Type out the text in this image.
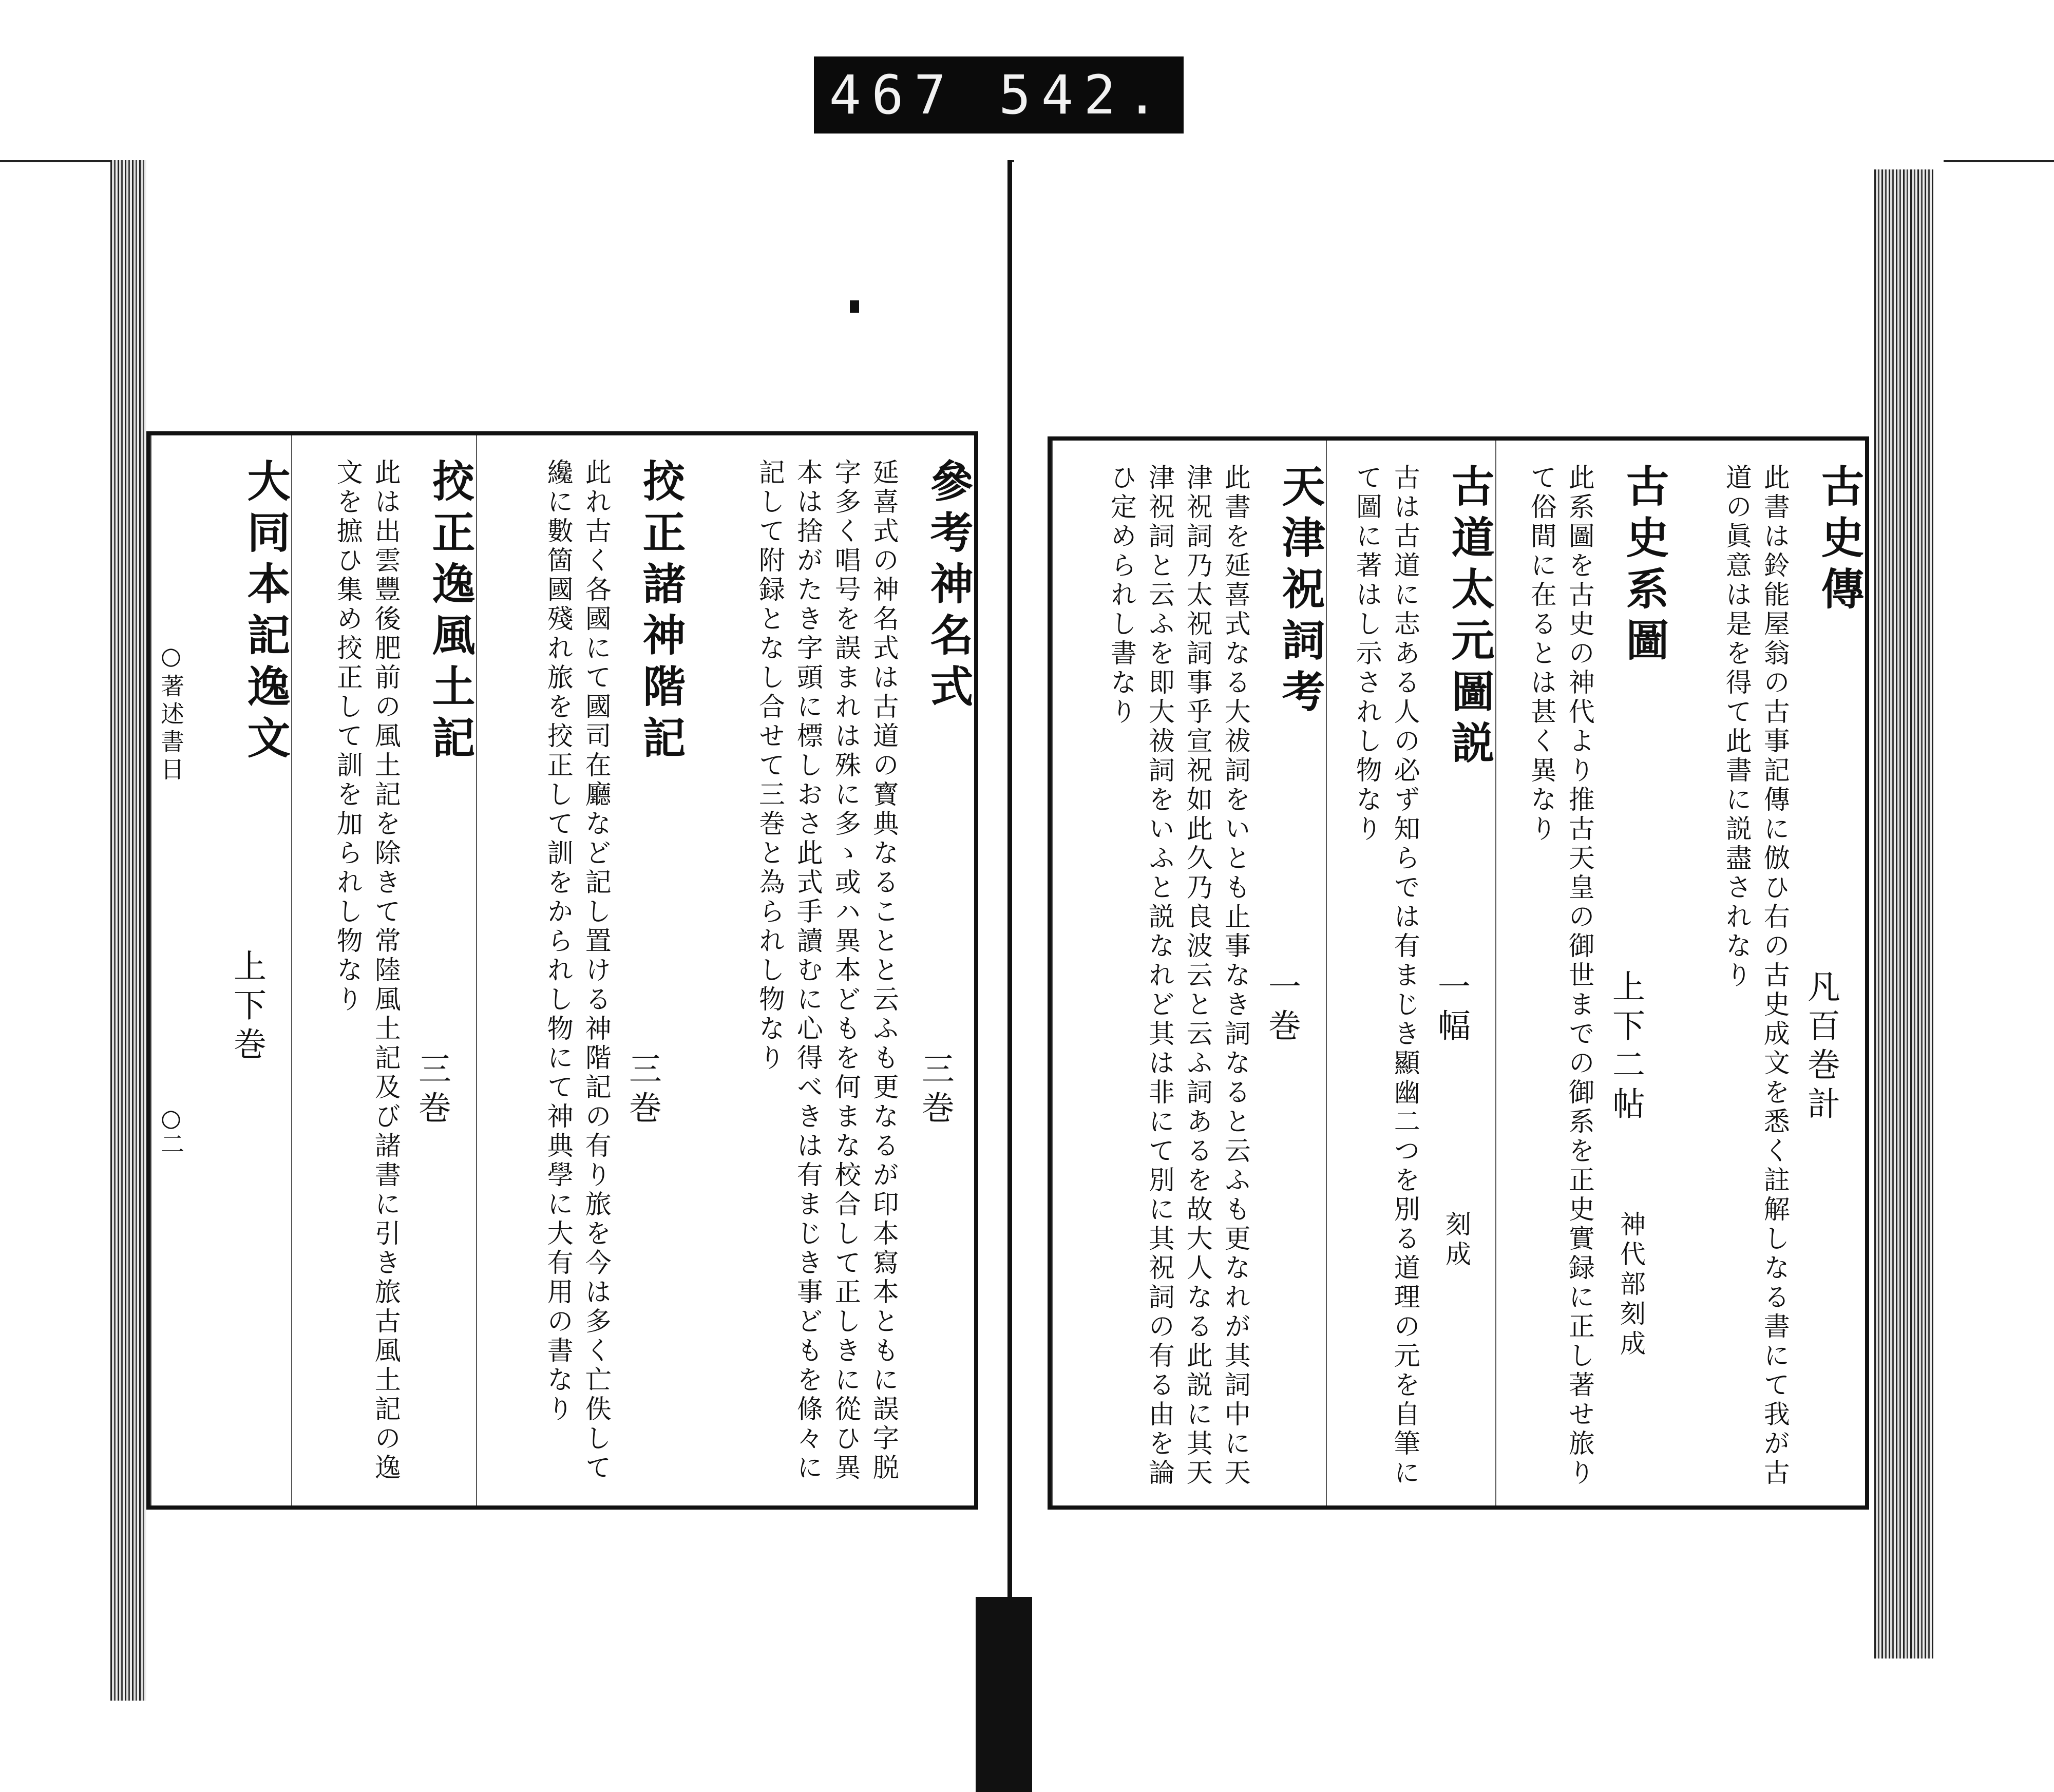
467 542.
○著述書日
○二
參考神名式
延喜式の神名式は古道の寳典なることと云ふも更なるが印本寫本ともに誤字脱字多く唱号を誤まれは殊に多ゝ或ハ異本どもを何まな校合して正しきに從ひ異本は捨がたき字頭に標しおさ此式手讀むに心得べきは有まじき事どもを條々に記して附録となし合せて三巻と為られし物なり
三巻
挍正諸神階記
此れ古く各國にて國司在廳など記し置ける神階記の有り旅を今は多く亡佚して纔に數箇國殘れ旅を挍正して訓をかられし物にて神典學に大有用の書なり	三巻
挍正逸風土記
此は出雲豐後肥前の風土記を除きて常陸風土記及び諸書に引き旅古風土記の逸文を摭ひ集め挍正して訓を加られし物なり
三巻
大同本記逸文
上下巻
古史傳
此書は鈴能屋翁の古事記傳に倣ひ右の古史成文を悉く註解しなる書にて我が古道の眞意は是を得て此書に説盡されなり
凡百巻計
古史系圖
此系圖を古史の神代より推古天皇の御世までの御系を正史實録に正し著せ旅りて俗間に在るとは甚く異なり
上下二帖
神代部刻成
古道太元圖説
古は古道に志ある人の必ず知らでは有まじき顯幽二つを別る道理の元を自筆にて圖に著はし示されし物なり
一幅
刻成
天津祝詞考
此書を延喜式なる大祓詞をいとも止事なき詞なると云ふも更なれが其詞中に天津祝詞乃太祝詞事乎宣祝如此久乃良波云と云ふ詞あるを故大人なる此説に其天津祝詞と云ふを即大祓詞をいふと説なれど其は非にて別に其祝詞の有る由を論ひ定められし書なり
一巻
